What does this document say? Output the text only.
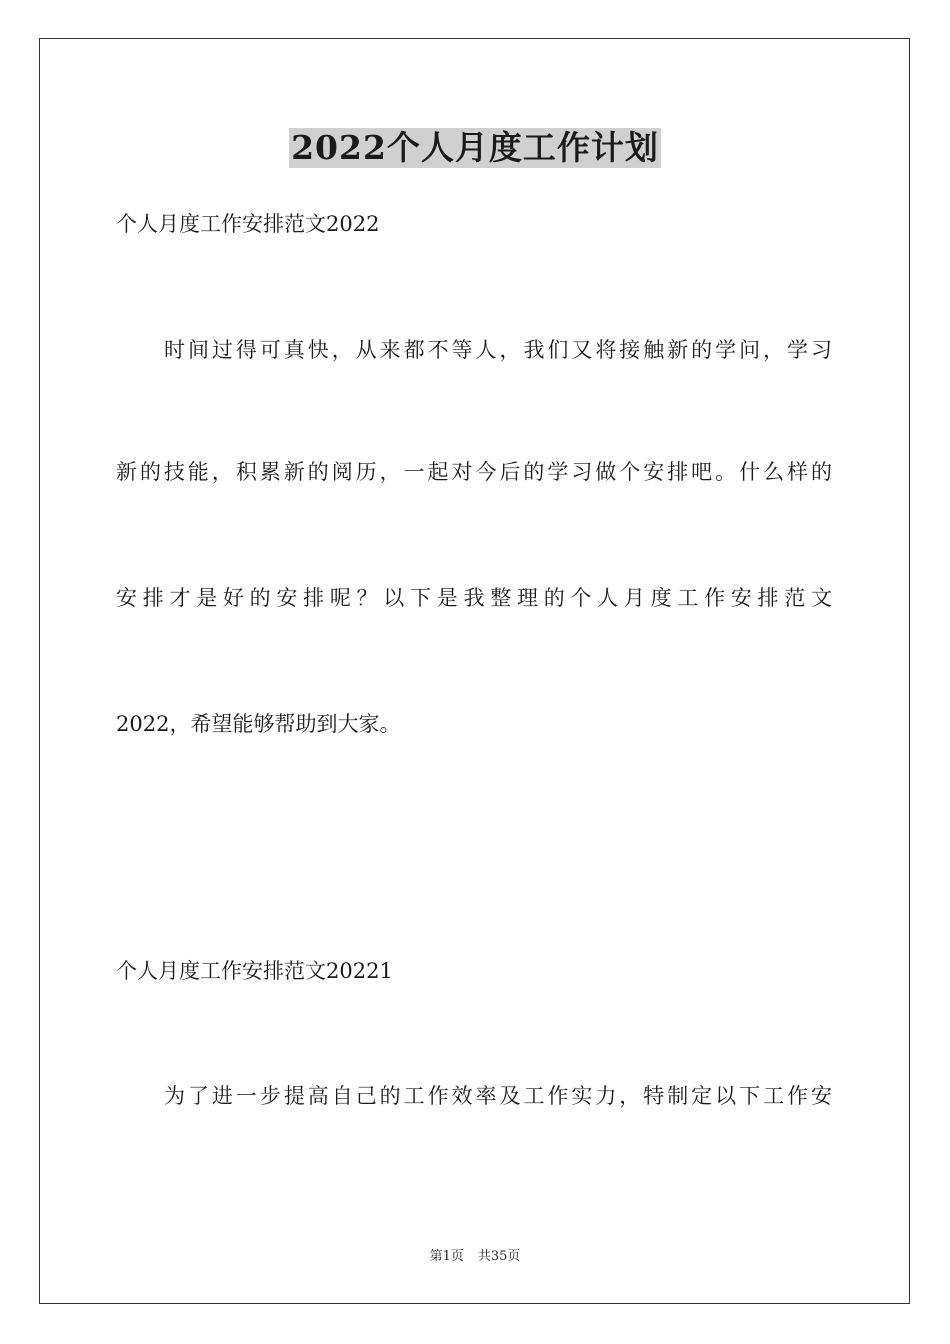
2022个人月度工作计划

个人月度工作安排范文2022

时间过得可真快，从来都不等人，我们又将接触新的学问，学习

新的技能，积累新的阅历，一起对今后的学习做个安排吧。什么样的

安排才是好的安排呢？以下是我整理的个人月度工作安排范文

2022，希望能够帮助到大家。

个人月度工作安排范文20221

为了进一步提高自己的工作效率及工作实力，特制定以下工作安

第1页 共35页
